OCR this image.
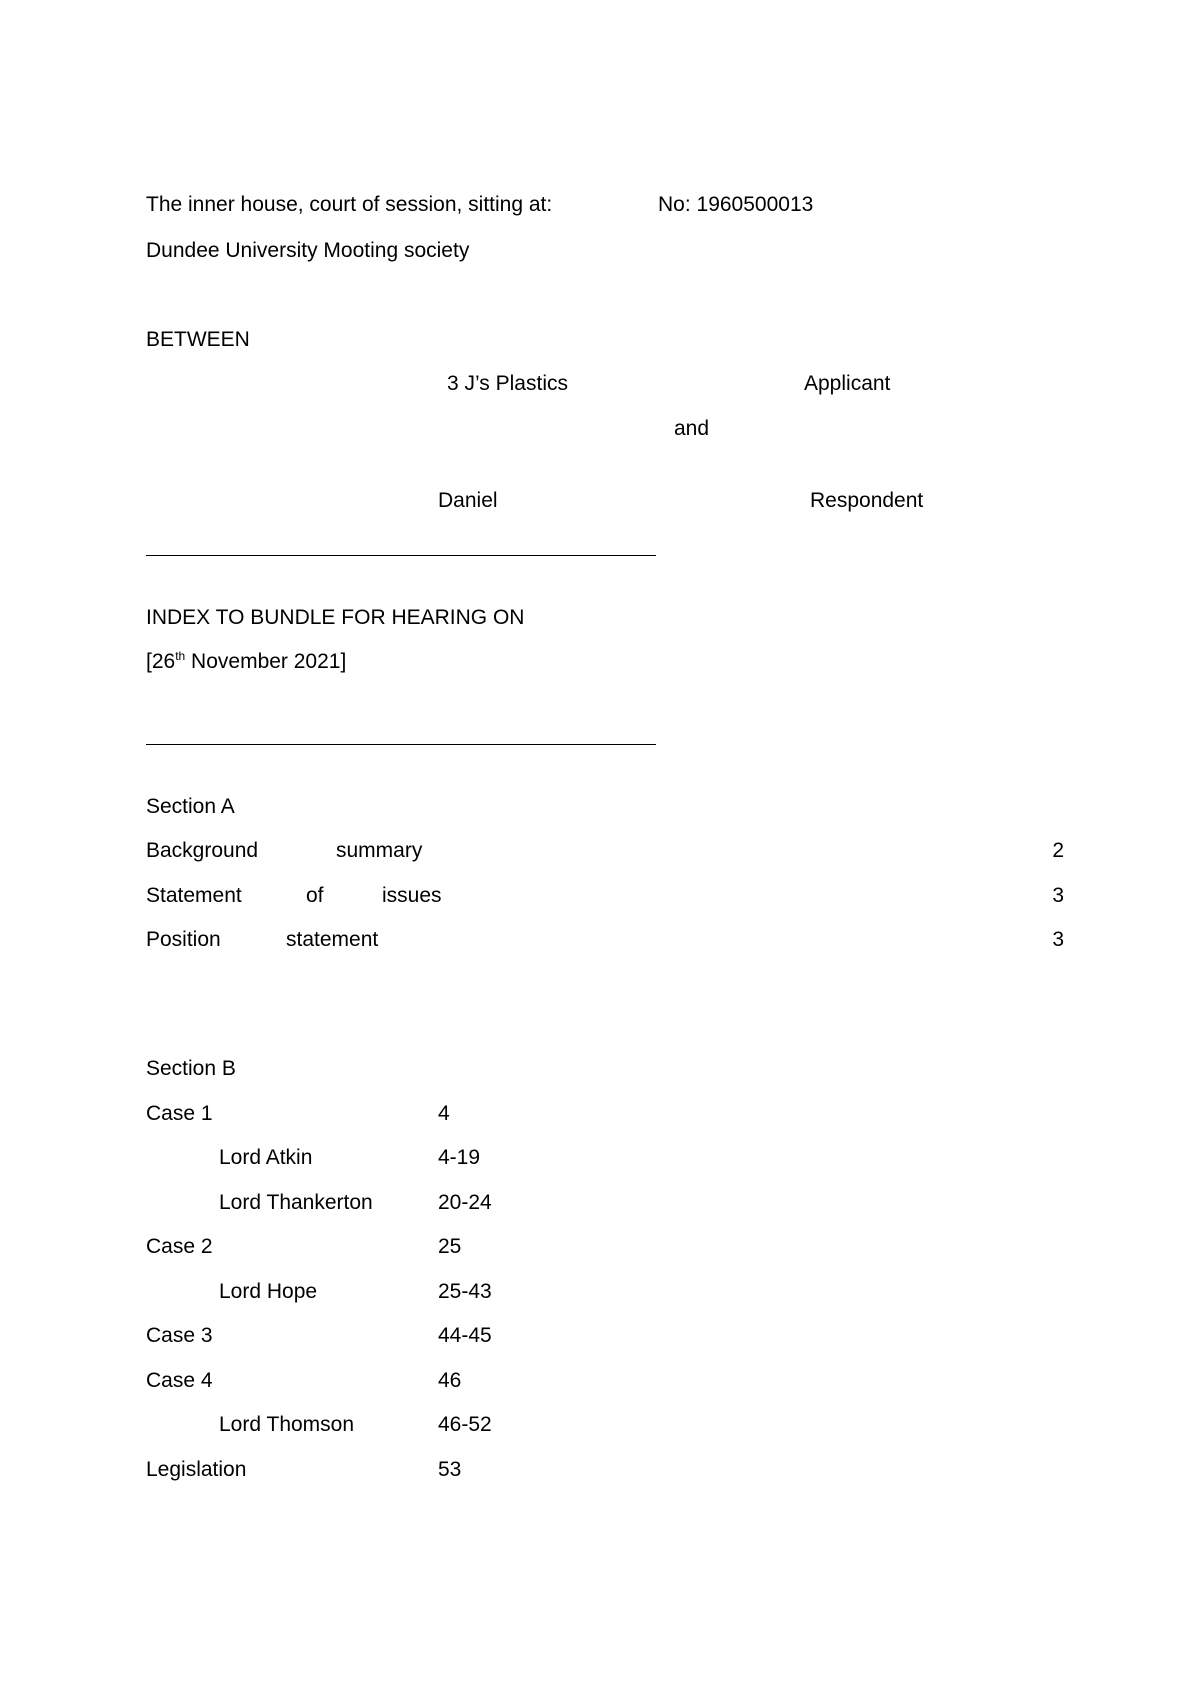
The inner house, court of session, sitting at:	No: 1960500013
Dundee University Mooting society
BETWEEN
3 J’s Plastics	Applicant
and
Daniel	Respondent
INDEX TO BUNDLE FOR HEARING ON
[26th November 2021]
Section A
Background	summary	2
Statement	of	issues	3
Position	statement	3
Section B
Case 1	4
Lord Atkin	4-19
Lord Thankerton	20-24
Case 2	25
Lord Hope	25-43
Case 3	44-45
Case 4	46
Lord Thomson	46-52
Legislation	53
